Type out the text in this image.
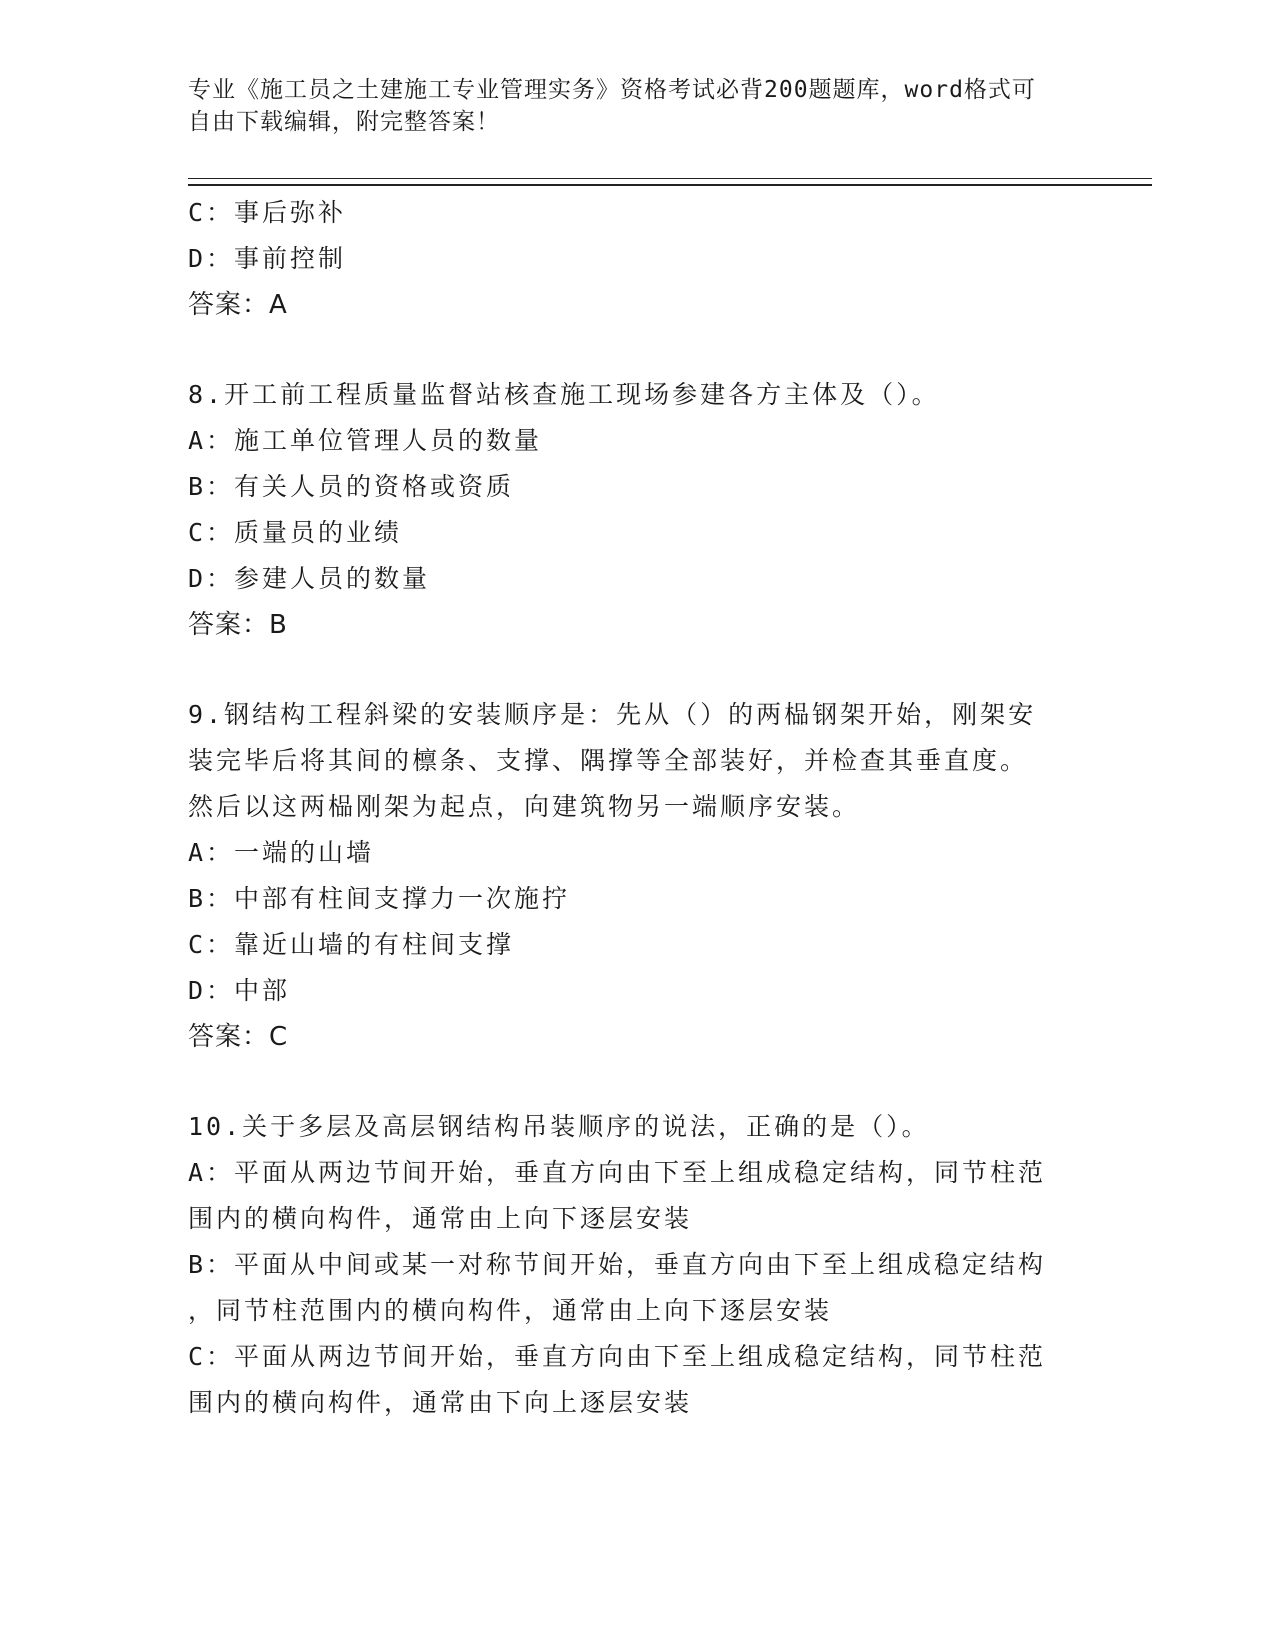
专业《施工员之土建施工专业管理实务》资格考试必背200题题库，word格式可
自由下载编辑，附完整答案！
C：事后弥补
D：事前控制
答案：A
8.开工前工程质量监督站核查施工现场参建各方主体及（）。
A：施工单位管理人员的数量
B：有关人员的资格或资质
C：质量员的业绩
D：参建人员的数量
答案：B
9.钢结构工程斜梁的安装顺序是：先从（）的两榀钢架开始，刚架安
装完毕后将其间的檩条、支撑、隅撑等全部装好，并检查其垂直度。
然后以这两榀刚架为起点，向建筑物另一端顺序安装。
A：一端的山墙
B：中部有柱间支撑力一次施拧
C：靠近山墙的有柱间支撑
D：中部
答案：C
10.关于多层及高层钢结构吊装顺序的说法，正确的是（）。
A：平面从两边节间开始，垂直方向由下至上组成稳定结构，同节柱范
围内的横向构件，通常由上向下逐层安装
B：平面从中间或某一对称节间开始，垂直方向由下至上组成稳定结构
，同节柱范围内的横向构件，通常由上向下逐层安装
C：平面从两边节间开始，垂直方向由下至上组成稳定结构，同节柱范
围内的横向构件，通常由下向上逐层安装
